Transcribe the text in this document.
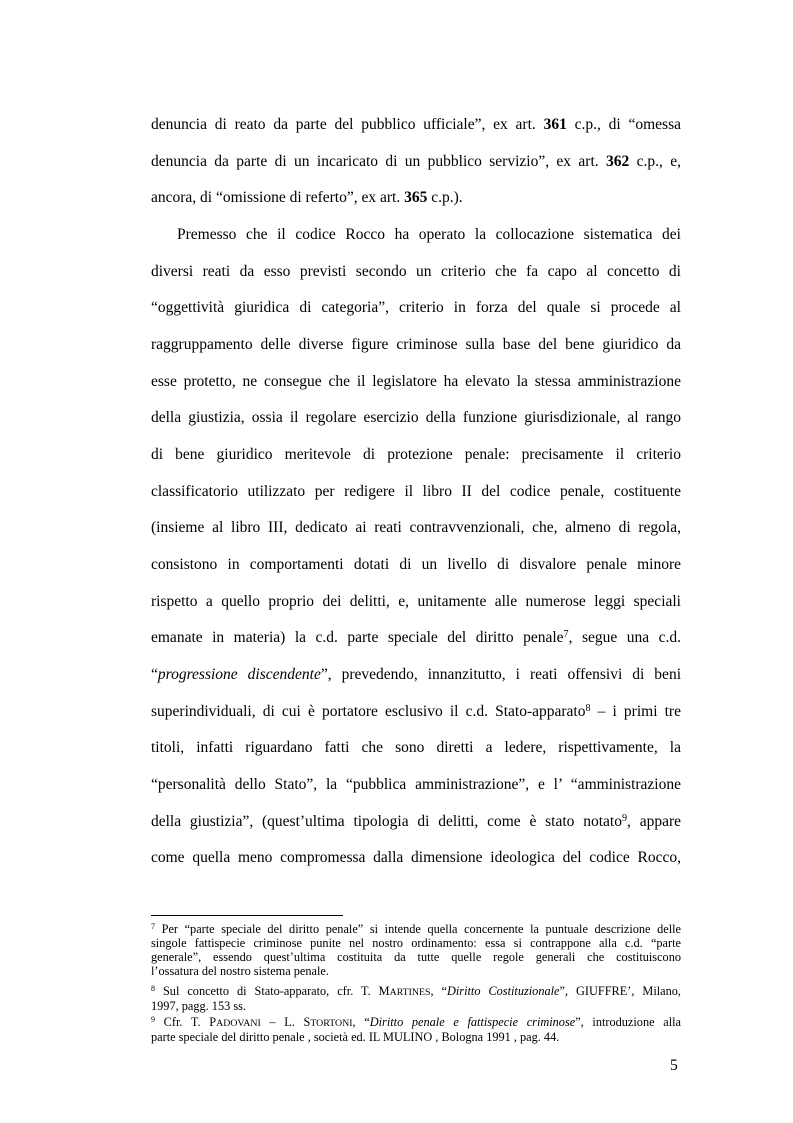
denuncia di reato da parte del pubblico ufficiale”, ex art. 361 c.p., di “omessa
denuncia da parte di un incaricato di un pubblico servizio”, ex art. 362 c.p., e,
ancora, di “omissione di referto”, ex art. 365 c.p.).
Premesso che il codice Rocco ha operato la collocazione sistematica dei
diversi reati da esso previsti secondo un criterio che fa capo al concetto di
“oggettività giuridica di categoria”, criterio in forza del quale si procede al
raggruppamento delle diverse figure criminose sulla base del bene giuridico da
esse protetto, ne consegue che il legislatore ha elevato la stessa amministrazione
della giustizia, ossia il regolare esercizio della funzione giurisdizionale, al rango
di bene giuridico meritevole di protezione penale: precisamente il criterio
classificatorio utilizzato per redigere il libro II del codice penale, costituente
(insieme al libro III, dedicato ai reati contravvenzionali, che, almeno di regola,
consistono in comportamenti dotati di un livello di disvalore penale minore
rispetto a quello proprio dei delitti, e, unitamente alle numerose leggi speciali
emanate in materia) la c.d. parte speciale del diritto penale$^7$, segue una c.d.
“progressione discendente”, prevedendo, innanzitutto, i reati offensivi di beni
superindividuali, di cui è portatore esclusivo il c.d. Stato-apparato$^8$ – i primi tre
titoli, infatti riguardano fatti che sono diretti a ledere, rispettivamente, la
“personalità dello Stato”, la “pubblica amministrazione”, e l’ “amministrazione
della giustizia”, (quest’ultima tipologia di delitti, come è stato notato$^9$, appare
come quella meno compromessa dalla dimensione ideologica del codice Rocco,
$^7$ Per “parte speciale del diritto penale” si intende quella concernente la puntuale descrizione delle
singole fattispecie criminose punite nel nostro ordinamento: essa si contrappone alla c.d. “parte
generale”, essendo quest’ultima costituita da tutte quelle regole generali che costituiscono
l’ossatura del nostro sistema penale.
$^8$ Sul concetto di Stato-apparato, cfr. T. MARTINES, “Diritto Costituzionale”, GIUFFRE’, Milano,
1997, pagg. 153 ss.
$^9$ Cfr. T. PADOVANI – L. STORTONI, “Diritto penale e fattispecie criminose”, introduzione alla
parte speciale del diritto penale , società ed. IL MULINO , Bologna 1991 , pag. 44.
5
